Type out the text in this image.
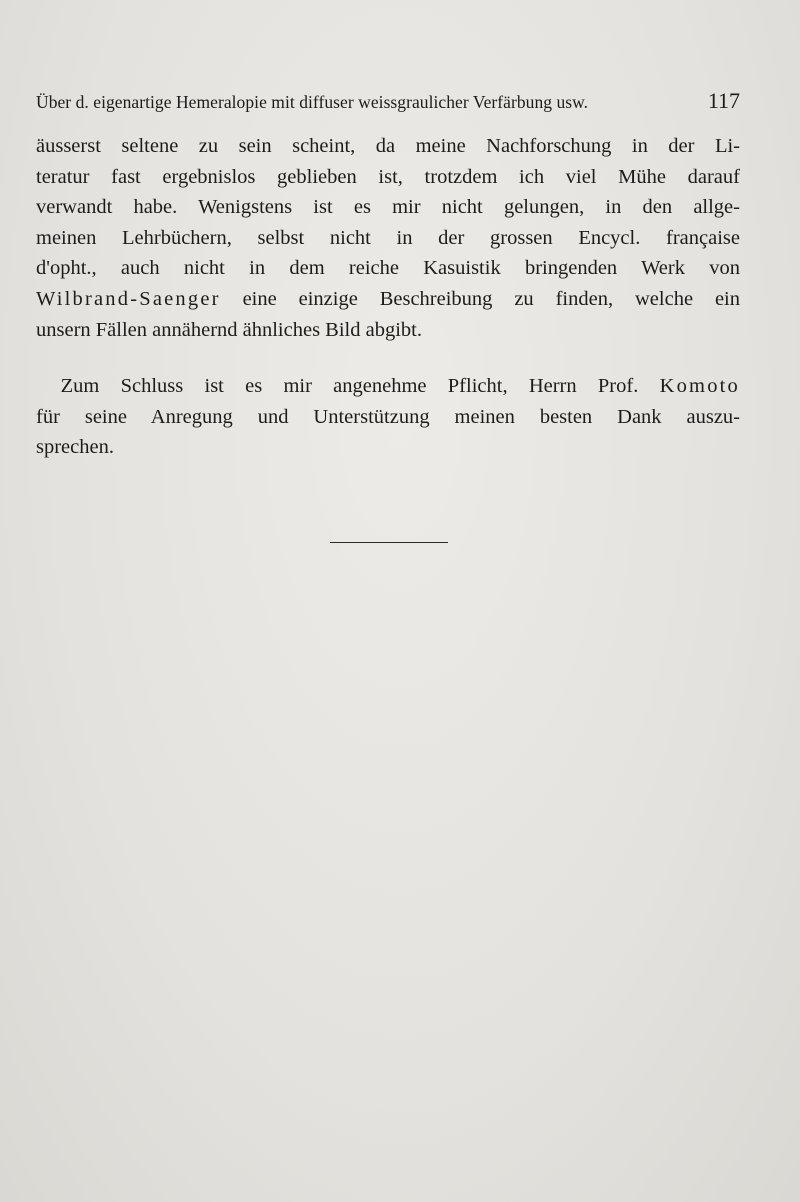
Über d. eigenartige Hemeralopie mit diffuser weissgraulicher Verfärbung usw.	117
äusserst seltene zu sein scheint, da meine Nachforschung in der Li-
teratur fast ergebnislos geblieben ist, trotzdem ich viel Mühe darauf
verwandt habe. Wenigstens ist es mir nicht gelungen, in den allge-
meinen Lehrbüchern, selbst nicht in der grossen Encycl. française
d'opht., auch nicht in dem reiche Kasuistik bringenden Werk von
Wilbrand-Saenger eine einzige Beschreibung zu finden, welche ein
unsern Fällen annähernd ähnliches Bild abgibt.
  Zum Schluss ist es mir angenehme Pflicht, Herrn Prof. Komoto
für seine Anregung und Unterstützung meinen besten Dank auszu-
sprechen.
